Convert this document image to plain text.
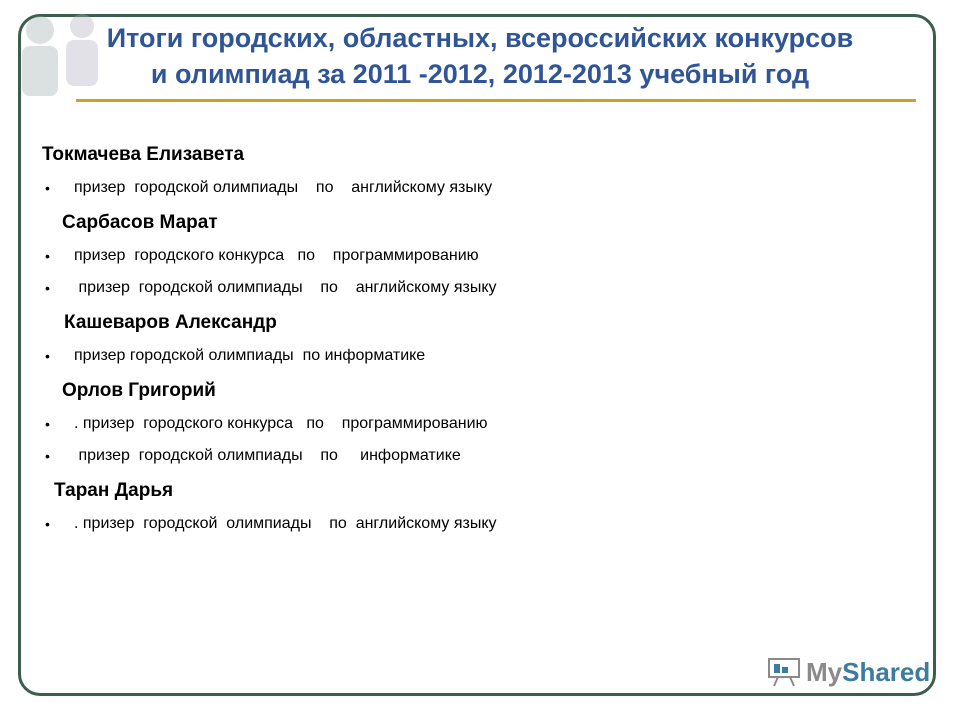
Итоги городских, областных, всероссийских конкурсов
и олимпиад за 2011 -2012, 2012-2013 учебный год
Токмачева Елизавета
• призер  городской олимпиады    по    английскому языку
Сарбасов Марат
• призер  городского конкурса   по    программированию
• призер  городской олимпиады    по    английскому языку
Кашеваров Александр
• призер городской олимпиады  по информатике
Орлов Григорий
• . призер  городского конкурса   по    программированию
• призер  городской олимпиады    по     информатике
Таран Дарья
• . призер  городской  олимпиады    по  английскому языку
MyShared
